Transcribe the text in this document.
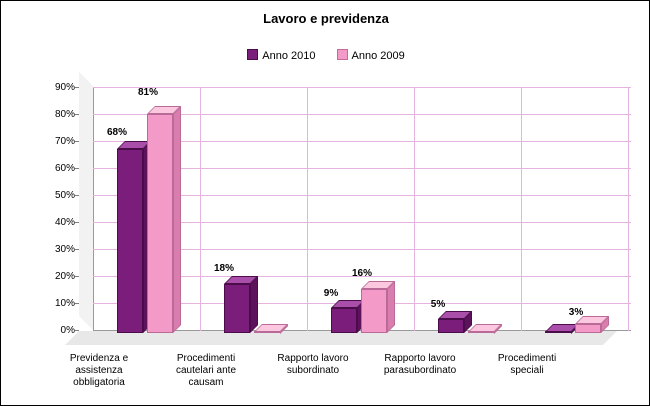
Lavoro e previdenza
Anno 2010	Anno 2009
90%
80%
70%
60%
50%
40%
30%
20%
10%
0%
68%
81%
18%
9%
16%
5%
3%
Previdenza e
assistenza
obbligatoria
Procedimenti
cautelari ante
causam
Rapporto lavoro
subordinato
Rapporto lavoro
parasubordinato
Procedimenti
speciali
